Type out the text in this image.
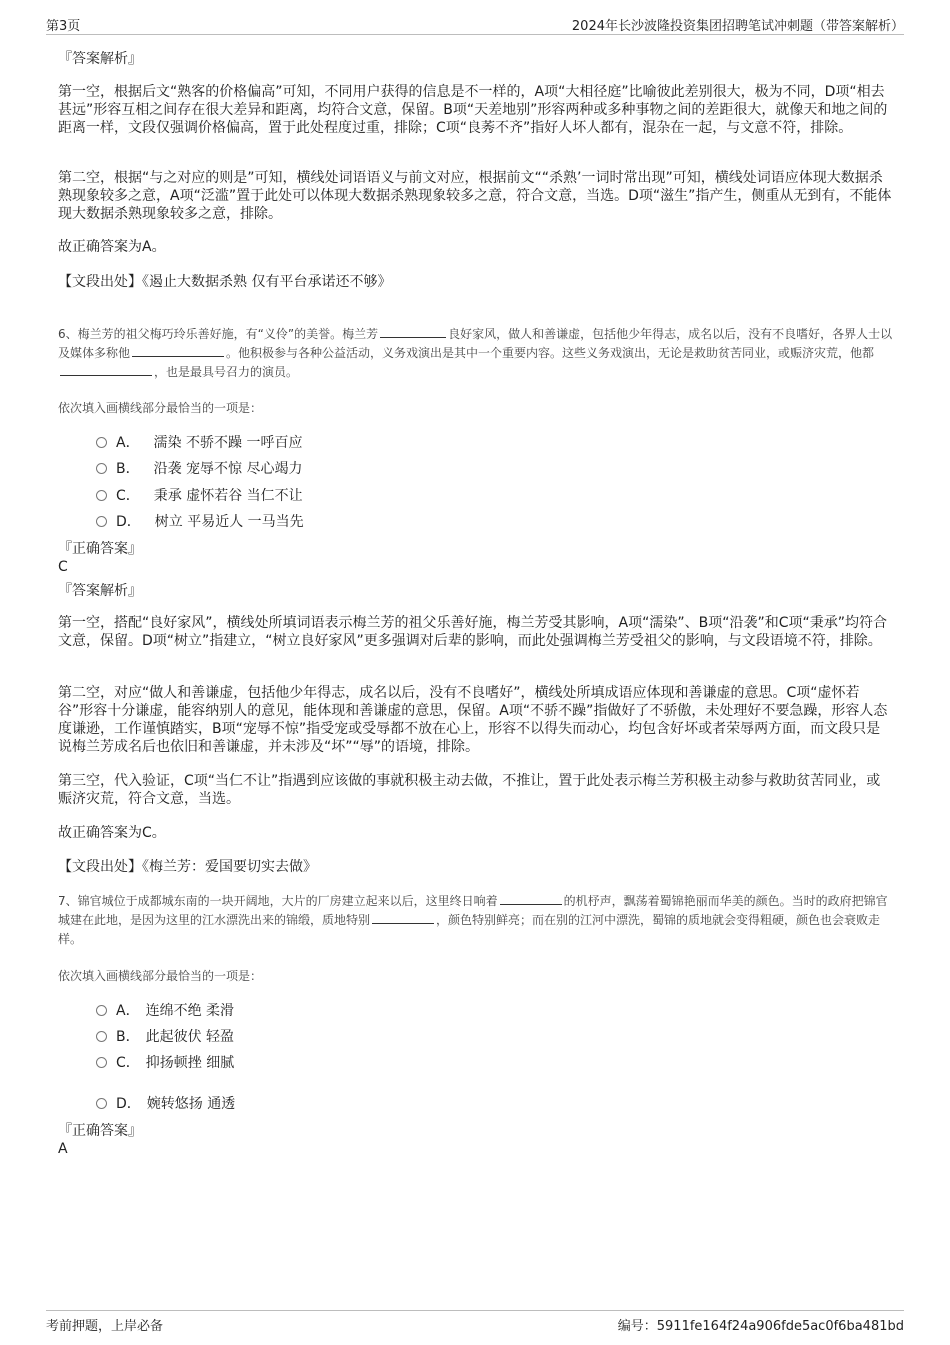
第3页	2024年长沙波隆投资集团招聘笔试冲刺题（带答案解析）
『答案解析』

第一空，根据后文“熟客的价格偏高”可知，不同用户获得的信息是不一样的，A项“大相径庭”比喻彼此差别很大，极为不同，D项“相去甚远”形容互相之间存在很大差异和距离，均符合文意，保留。B项“天差地别”形容两种或多种事物之间的差距很大，就像天和地之间的距离一样，文段仅强调价格偏高，置于此处程度过重，排除；C项“良莠不齐”指好人坏人都有，混杂在一起，与文意不符，排除。

第二空，根据“与之对应的则是”可知，横线处词语语义与前文对应，根据前文““杀熟’一词时常出现”可知，横线处词语应体现大数据杀熟现象较多之意，A项“泛滥”置于此处可以体现大数据杀熟现象较多之意，符合文意，当选。D项“滋生”指产生，侧重从无到有，不能体现大数据杀熟现象较多之意，排除。

故正确答案为A。

【文段出处】《遏止大数据杀熟 仅有平台承诺还不够》

6、梅兰芳的祖父梅巧玲乐善好施，有“义伶”的美誉。梅兰芳	良好家风，做人和善谦虚，包括他少年得志，成名以后，没有不良嗜好，各界人士以及媒体多称他	。他积极参与各种公益活动，义务戏演出是其中一个重要内容。这些义务戏演出，无论是救助贫苦同业，或赈济灾荒，他都，也是最具号召力的演员。

依次填入画横线部分最恰当的一项是：

A． 濡染 不骄不躁 一呼百应
B． 沿袭 宠辱不惊 尽心竭力
C． 秉承 虚怀若谷 当仁不让
D． 树立 平易近人 一马当先
『正确答案』
C
『答案解析』

第一空，搭配“良好家风”，横线处所填词语表示梅兰芳的祖父乐善好施，梅兰芳受其影响，A项“濡染”、B项“沿袭”和C项“秉承”均符合文意，保留。D项“树立”指建立，“树立良好家风”更多强调对后辈的影响，而此处强调梅兰芳受祖父的影响，与文段语境不符，排除。

第二空，对应“做人和善谦虚，包括他少年得志，成名以后，没有不良嗜好”，横线处所填成语应体现和善谦虚的意思。C项“虚怀若谷”形容十分谦虚，能容纳别人的意见，能体现和善谦虚的意思，保留。A项“不骄不躁”指做好了不骄傲，未处理好不要急躁，形容人态度谦逊，工作谨慎踏实，B项“宠辱不惊”指受宠或受辱都不放在心上，形容不以得失而动心，均包含好坏或者荣辱两方面，而文段只是说梅兰芳成名后也依旧和善谦虚，并未涉及“坏”“辱”的语境，排除。

第三空，代入验证，C项“当仁不让”指遇到应该做的事就积极主动去做，不推让，置于此处表示梅兰芳积极主动参与救助贫苦同业，或赈济灾荒，符合文意，当选。

故正确答案为C。

【文段出处】《梅兰芳：爱国要切实去做》

7、锦官城位于成都城东南的一块开阔地，大片的厂房建立起来以后，这里终日响着	的机杼声，飘荡着蜀锦艳丽而华美的颜色。当时的政府把锦官城建在此地，是因为这里的江水漂洗出来的锦缎，质地特别	，颜色特别鲜亮；而在别的江河中漂洗，蜀锦的质地就会变得粗硬，颜色也会衰败走样。

依次填入画横线部分最恰当的一项是：

A． 连绵不绝 柔滑
B． 此起彼伏 轻盈
C． 抑扬顿挫 细腻
D． 婉转悠扬 通透
『正确答案』
A
考前押题，上岸必备	编号：5911fe164f24a906fde5ac0f6ba481bd
